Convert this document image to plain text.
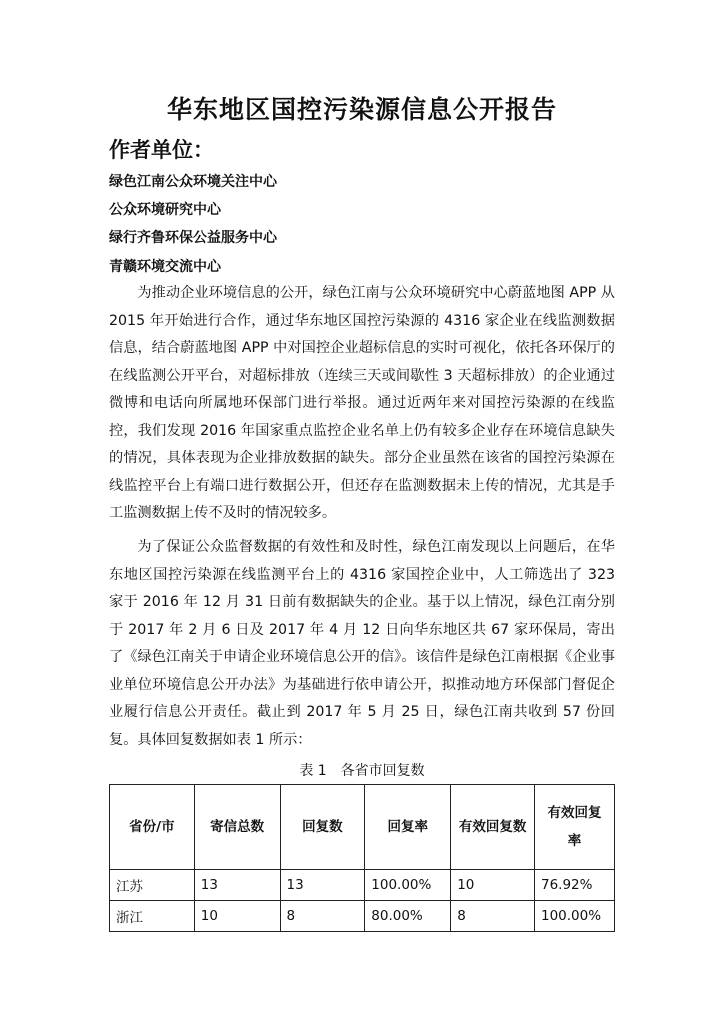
华东地区国控污染源信息公开报告
作者单位：
绿色江南公众环境关注中心
公众环境研究中心
绿行齐鲁环保公益服务中心
青赣环境交流中心

为推动企业环境信息的公开，绿色江南与公众环境研究中心蔚蓝地图 APP 从 2015 年开始进行合作，通过华东地区国控污染源的 4316 家企业在线监测数据信息，结合蔚蓝地图 APP 中对国控企业超标信息的实时可视化，依托各环保厅的在线监测公开平台，对超标排放（连续三天或间歇性 3 天超标排放）的企业通过微博和电话向所属地环保部门进行举报。通过近两年来对国控污染源的在线监控，我们发现 2016 年国家重点监控企业名单上仍有较多企业存在环境信息缺失的情况，具体表现为企业排放数据的缺失。部分企业虽然在该省的国控污染源在线监控平台上有端口进行数据公开，但还存在监测数据未上传的情况，尤其是手工监测数据上传不及时的情况较多。

为了保证公众监督数据的有效性和及时性，绿色江南发现以上问题后，在华东地区国控污染源在线监测平台上的 4316 家国控企业中，人工筛选出了 323 家于 2016 年 12 月 31 日前有数据缺失的企业。基于以上情况，绿色江南分别于 2017 年 2 月 6 日及 2017 年 4 月 12 日向华东地区共 67 家环保局，寄出了《绿色江南关于申请企业环境信息公开的信》。该信件是绿色江南根据《企业事业单位环境信息公开办法》为基础进行依申请公开，拟推动地方环保部门督促企业履行信息公开责任。截止到 2017 年 5 月 25 日，绿色江南共收到 57 份回复。具体回复数据如表 1 所示：

表 1　各省市回复数
省份/市	寄信总数	回复数	回复率	有效回复数	有效回复率
江苏	13	13	100.00%	10	76.92%
浙江	10	8	80.00%	8	100.00%
